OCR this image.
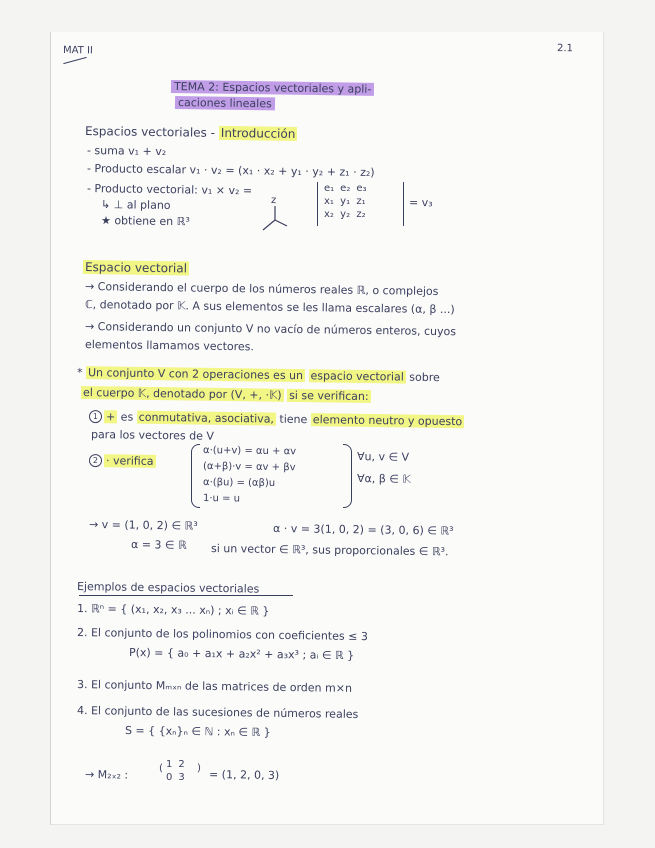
MAT II	2.1
TEMA 2: Espacios vectoriales y apli-
caciones lineales
Espacios vectoriales - Introducción
- suma v₁ + v₂
- Producto escalar v₁ · v₂ = (x₁ · x₂ + y₁ · y₂ + z₁ · z₂)
- Producto vectorial: v₁ × v₂ =
↳ ⊥ al plano
★ obtiene en ℝ³
z
e₁	e₂	e₃
x₁	y₁	z₁
x₂	y₂	z₂
= v₃
Espacio vectorial
→ Considerando el cuerpo de los números reales ℝ, o complejos
ℂ, denotado por 𝕂. A sus elementos se les llama escalares (α, β ...)
→ Considerando un conjunto V no vacío de números enteros, cuyos
elementos llamamos vectores.
* Un conjunto V con 2 operaciones es un espacio vectorial sobre
el cuerpo 𝕂, denotado por (V, +, ·𝕂) si se verifican:
1 + es conmutativa, asociativa, tiene elemento neutro y opuesto
para los vectores de V
2 · verifica
α·(u+v) = αu + αv
(α+β)·v = αv + βv
α·(βu) = (αβ)u
1·u = u
∀u, v ∈ V
∀α, β ∈ 𝕂
→ v = (1, 0, 2) ∈ ℝ³	α · v = 3(1, 0, 2) = (3, 0, 6) ∈ ℝ³
α = 3 ∈ ℝ si un vector ∈ ℝ³, sus proporcionales ∈ ℝ³.
Ejemplos de espacios vectoriales
1. ℝⁿ = { (x₁, x₂, x₃ ... xₙ) ; xᵢ ∈ ℝ }
2. El conjunto de los polinomios con coeficientes ≤ 3
P(x) = { a₀ + a₁x + a₂x² + a₃x³ ; aᵢ ∈ ℝ }
3. El conjunto Mₘₓₙ de las matrices de orden m×n
4. El conjunto de las sucesiones de números reales
S = { {xₙ}ₙ ∈ ℕ : xₙ ∈ ℝ }
→ M₂ₓ₂ :	( 1	2
0	3
) = (1, 2, 0, 3)
